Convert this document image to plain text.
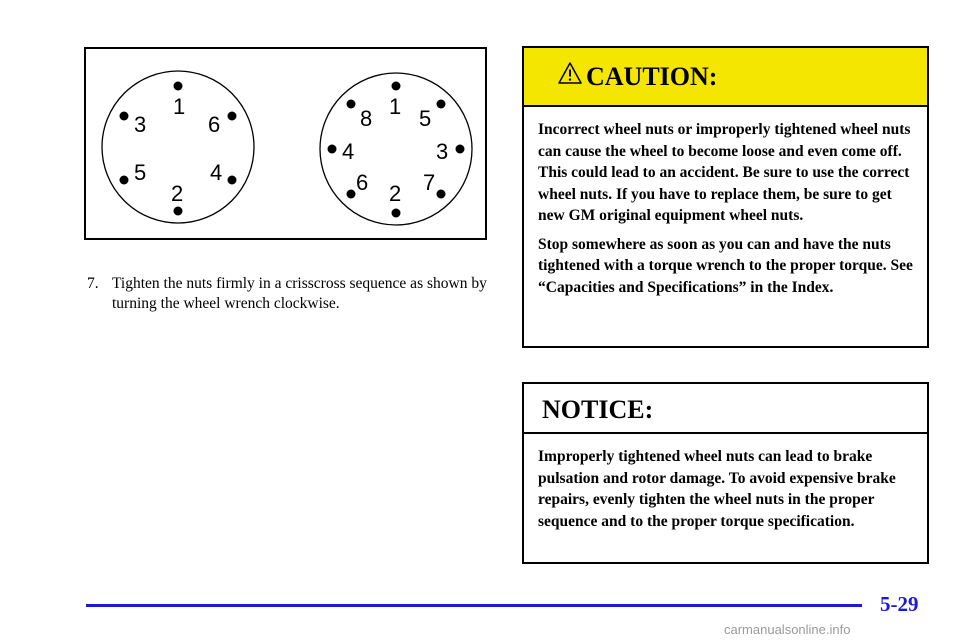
1
3	6
5	4
2
8 1 5
4	3
6 2 7
7. Tighten the nuts firmly in a crisscross sequence as shown by turning the wheel wrench clockwise.
CAUTION:

Incorrect wheel nuts or improperly tightened wheel nuts can cause the wheel to become loose and even come off. This could lead to an accident. Be sure to use the correct wheel nuts. If you have to replace them, be sure to get new GM original equipment wheel nuts.

Stop somewhere as soon as you can and have the nuts tightened with a torque wrench to the proper torque. See “Capacities and Specifications” in the Index.

NOTICE:

Improperly tightened wheel nuts can lead to brake pulsation and rotor damage. To avoid expensive brake repairs, evenly tighten the wheel nuts in the proper sequence and to the proper torque specification.

5-29
carmanualsonline.info
